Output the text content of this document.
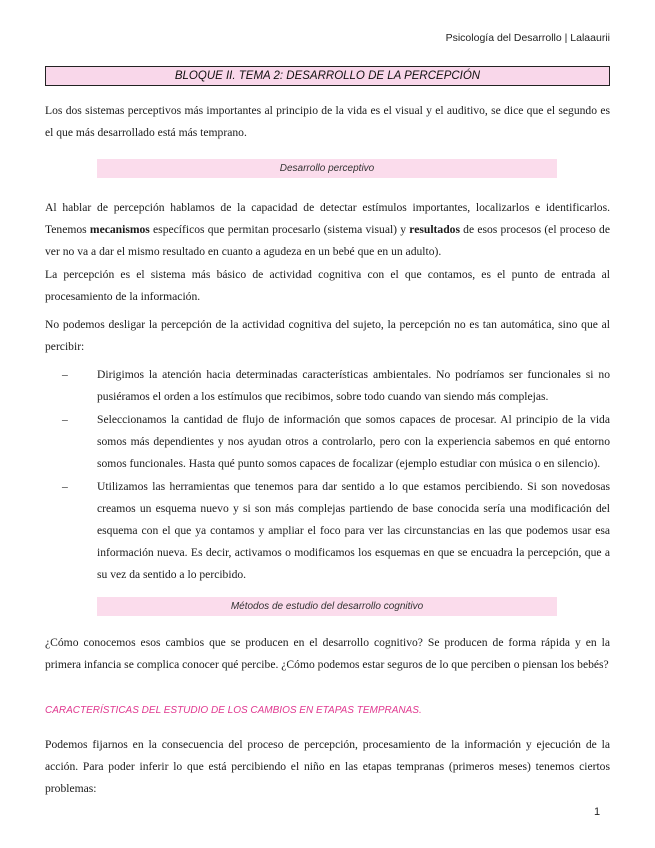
Psicología del Desarrollo | Lalaaurii
BLOQUE II. TEMA 2: DESARROLLO DE LA PERCEPCIÓN

Los dos sistemas perceptivos más importantes al principio de la vida es el visual y el auditivo, se dice que el segundo es el que más desarrollado está más temprano.

Desarrollo perceptivo

Al hablar de percepción hablamos de la capacidad de detectar estímulos importantes, localizarlos e identificarlos. Tenemos mecanismos específicos que permitan procesarlo (sistema visual) y resultados de esos procesos (el proceso de ver no va a dar el mismo resultado en cuanto a agudeza en un bebé que en un adulto).

La percepción es el sistema más básico de actividad cognitiva con el que contamos, es el punto de entrada al procesamiento de la información.

No podemos desligar la percepción de la actividad cognitiva del sujeto, la percepción no es tan automática, sino que al percibir:

–	Dirigimos la atención hacia determinadas características ambientales. No podríamos ser funcionales si no pusiéramos el orden a los estímulos que recibimos, sobre todo cuando van siendo más complejas.
–	Seleccionamos la cantidad de flujo de información que somos capaces de procesar. Al principio de la vida somos más dependientes y nos ayudan otros a controlarlo, pero con la experiencia sabemos en qué entorno somos funcionales. Hasta qué punto somos capaces de focalizar (ejemplo estudiar con música o en silencio).
–	Utilizamos las herramientas que tenemos para dar sentido a lo que estamos percibiendo. Si son novedosas creamos un esquema nuevo y si son más complejas partiendo de base conocida sería una modificación del esquema con el que ya contamos y ampliar el foco para ver las circunstancias en las que podemos usar esa información nueva. Es decir, activamos o modificamos los esquemas en que se encuadra la percepción, que a su vez da sentido a lo percibido.
Métodos de estudio del desarrollo cognitivo

¿Cómo conocemos esos cambios que se producen en el desarrollo cognitivo? Se producen de forma rápida y en la primera infancia se complica conocer qué percibe. ¿Cómo podemos estar seguros de lo que perciben o piensan los bebés?

CARACTERÍSTICAS DEL ESTUDIO DE LOS CAMBIOS EN ETAPAS TEMPRANAS.

Podemos fijarnos en la consecuencia del proceso de percepción, procesamiento de la información y ejecución de la acción. Para poder inferir lo que está percibiendo el niño en las etapas tempranas (primeros meses) tenemos ciertos problemas:

1
